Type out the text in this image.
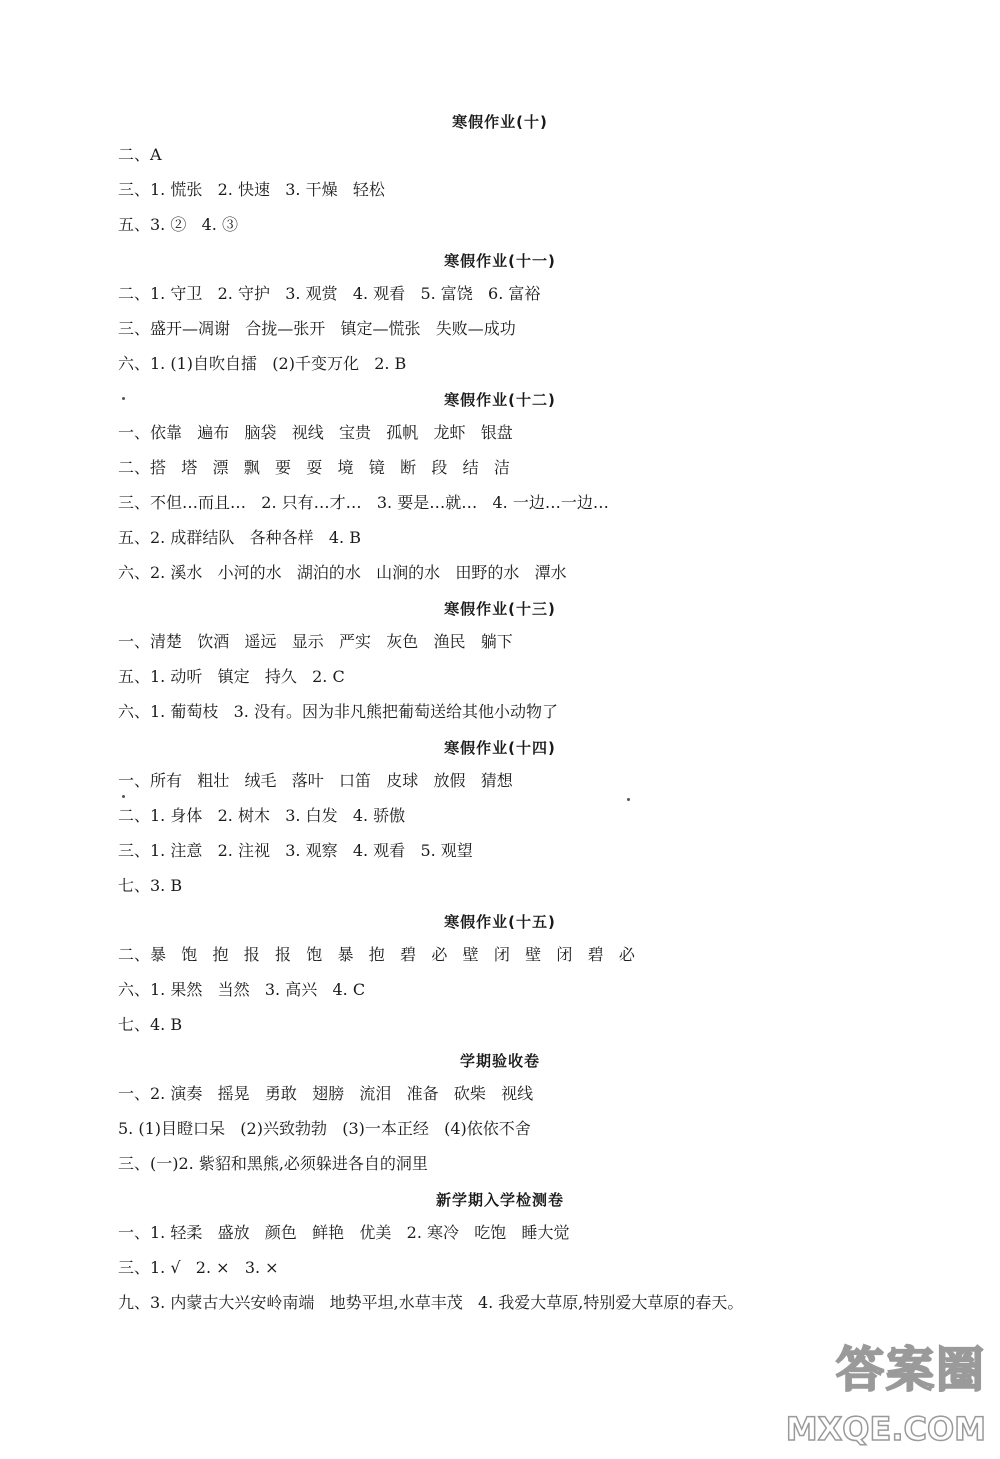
寒假作业(十)

二、A

三、1. 慌张   2. 快速   3. 干燥   轻松

五、3. ②   4. ③

寒假作业(十一)

二、1. 守卫   2. 守护   3. 观赏   4. 观看   5. 富饶   6. 富裕

三、盛开—凋谢   合拢—张开   镇定—慌张   失败—成功

六、1. (1)自吹自擂   (2)千变万化   2. B

寒假作业(十二)

一、依靠   遍布   脑袋   视线   宝贵   孤帆   龙虾   银盘

二、搭   塔   漂   飘   要   耍   境   镜   断   段   结   洁

三、不但…而且…   2. 只有…才…   3. 要是…就…   4. 一边…一边…

五、2. 成群结队   各种各样   4. B

六、2. 溪水   小河的水   湖泊的水   山涧的水   田野的水   潭水

寒假作业(十三)

一、清楚   饮酒   遥远   显示   严实   灰色   渔民   躺下

五、1. 动听   镇定   持久   2. C

六、1. 葡萄枝   3. 没有。因为非凡熊把葡萄送给其他小动物了

寒假作业(十四)

一、所有   粗壮   绒毛   落叶   口笛   皮球   放假   猜想

二、1. 身体   2. 树木   3. 白发   4. 骄傲

三、1. 注意   2. 注视   3. 观察   4. 观看   5. 观望

七、3. B

寒假作业(十五)

二、暴   饱   抱   报   报   饱   暴   抱   碧   必   壁   闭   壁   闭   碧   必

六、1. 果然   当然   3. 高兴   4. C

七、4. B

学期验收卷

一、2. 演奏   摇晃   勇敢   翅膀   流泪   准备   砍柴   视线

5. (1)目瞪口呆   (2)兴致勃勃   (3)一本正经   (4)依依不舍

三、(一)2. 紫貂和黑熊,必须躲进各自的洞里

新学期入学检测卷

一、1. 轻柔   盛放   颜色   鲜艳   优美   2. 寒冷   吃饱   睡大觉

三、1. √   2. ×   3. ×

九、3. 内蒙古大兴安岭南端   地势平坦,水草丰茂   4. 我爱大草原,特别爱大草原的春天。

答案圈
MXQE.COM
